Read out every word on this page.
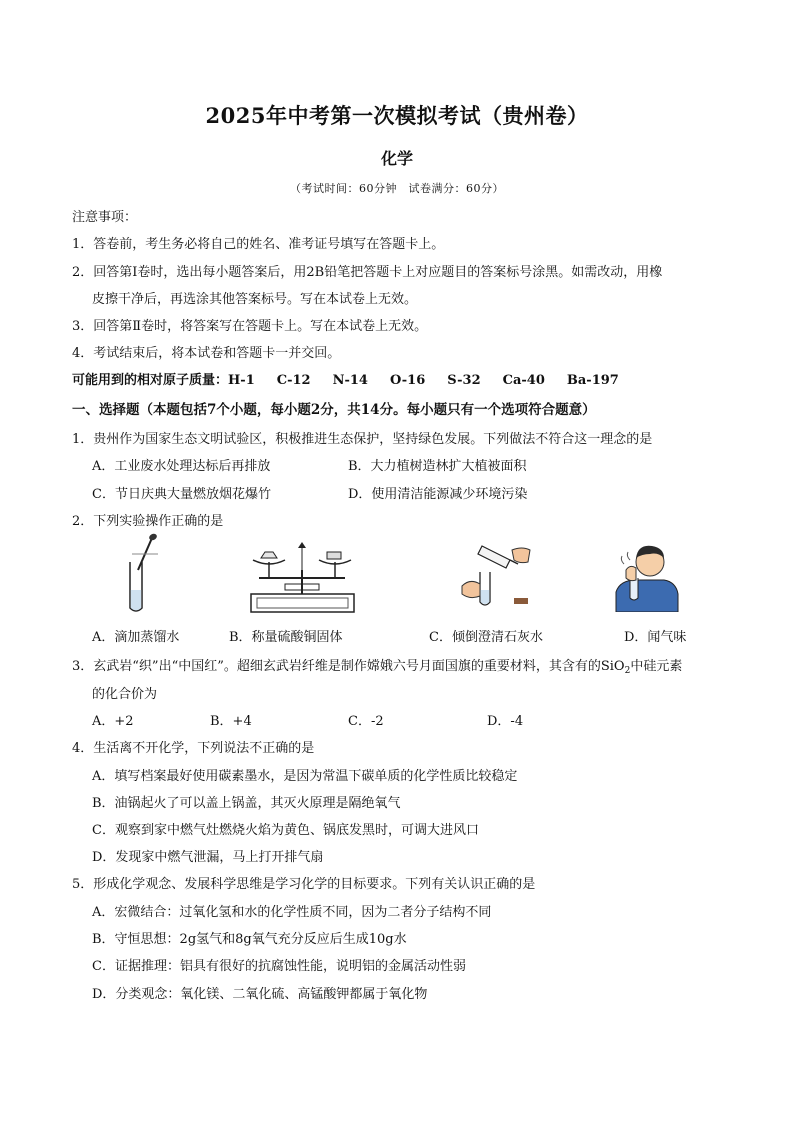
2025年中考第一次模拟考试（贵州卷）
化学
（考试时间：60分钟　试卷满分：60分）
注意事项：
1．答卷前，考生务必将自己的姓名、准考证号填写在答题卡上。
2．回答第Ⅰ卷时，选出每小题答案后，用2B铅笔把答题卡上对应题目的答案标号涂黑。如需改动，用橡
皮擦干净后，再选涂其他答案标号。写在本试卷上无效。
3．回答第Ⅱ卷时，将答案写在答题卡上。写在本试卷上无效。
4．考试结束后，将本试卷和答题卡一并交回。
可能用到的相对原子质量：H-1 C-12 N-14 O-16 S-32 Ca-40 Ba-197
一、选择题（本题包括7个小题，每小题2分，共14分。每小题只有一个选项符合题意）
1．贵州作为国家生态文明试验区，积极推进生态保护，坚持绿色发展。下列做法不符合这一理念的是
A．工业废水处理达标后再排放	B．大力植树造林扩大植被面积
C．节日庆典大量燃放烟花爆竹	D．使用清洁能源减少环境污染
2．下列实验操作正确的是
A．滴加蒸馏水	B．称量硫酸铜固体	C．倾倒澄清石灰水	D．闻气味
3．玄武岩“织”出“中国红”。超细玄武岩纤维是制作嫦娥六号月面国旗的重要材料，其含有的SiO$_2$中硅元素
的化合价为
A．+2	B．+4	C．-2	D．-4
4．生活离不开化学，下列说法不正确的是
A．填写档案最好使用碳素墨水，是因为常温下碳单质的化学性质比较稳定
B．油锅起火了可以盖上锅盖，其灭火原理是隔绝氧气
C．观察到家中燃气灶燃烧火焰为黄色、锅底发黑时，可调大进风口
D．发现家中燃气泄漏，马上打开排气扇
5．形成化学观念、发展科学思维是学习化学的目标要求。下列有关认识正确的是
A．宏微结合：过氧化氢和水的化学性质不同，因为二者分子结构不同
B．守恒思想：2g氢气和8g氧气充分反应后生成10g水
C．证据推理：铝具有很好的抗腐蚀性能，说明铝的金属活动性弱
D．分类观念：氧化镁、二氧化硫、高锰酸钾都属于氧化物
